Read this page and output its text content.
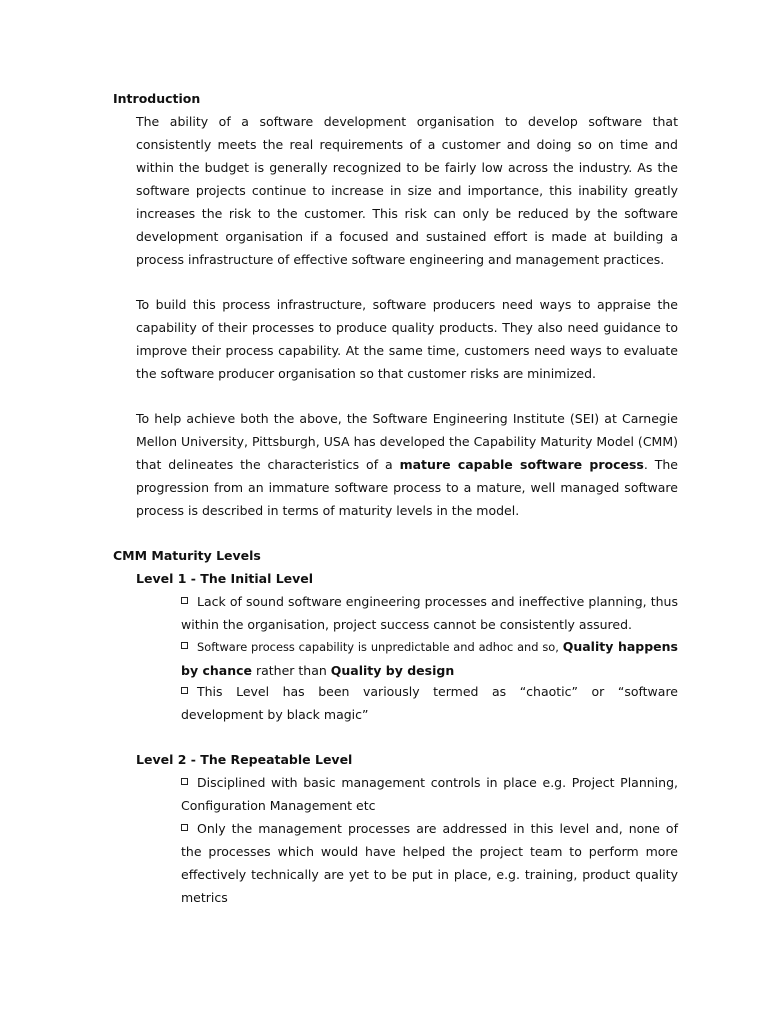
Introduction

The ability of a software development organisation to develop software that consistently meets the real requirements of a customer and doing so on time and within the budget is generally recognized to be fairly low across the industry. As the software projects continue to increase in size and importance, this inability greatly increases the risk to the customer. This risk can only be reduced by the software development organisation if a focused and sustained effort is made at building a process infrastructure of effective software engineering and management practices.

To build this process infrastructure, software producers need ways to appraise the capability of their processes to produce quality products. They also need guidance to improve their process capability. At the same time, customers need ways to evaluate the software producer organisation so that customer risks are minimized.

To help achieve both the above, the Software Engineering Institute (SEI) at Carnegie Mellon University, Pittsburgh, USA has developed the Capability Maturity Model (CMM) that delineates the characteristics of a mature capable software process. The progression from an immature software process to a mature, well managed software process is described in terms of maturity levels in the model.

CMM Maturity Levels
Level 1 - The Initial Level

Lack of sound software engineering processes and ineffective planning, thus within the organisation, project success cannot be consistently assured.

Software process capability is unpredictable and adhoc and so, Quality happens by chance rather than Quality by design

This Level has been variously termed as “chaotic” or “software development by black magic”

Level 2 - The Repeatable Level

Disciplined with basic management controls in place e.g. Project Planning, Configuration Management etc

Only the management processes are addressed in this level and, none of the processes which would have helped the project team to perform more effectively technically are yet to be put in place, e.g. training, product quality metrics
